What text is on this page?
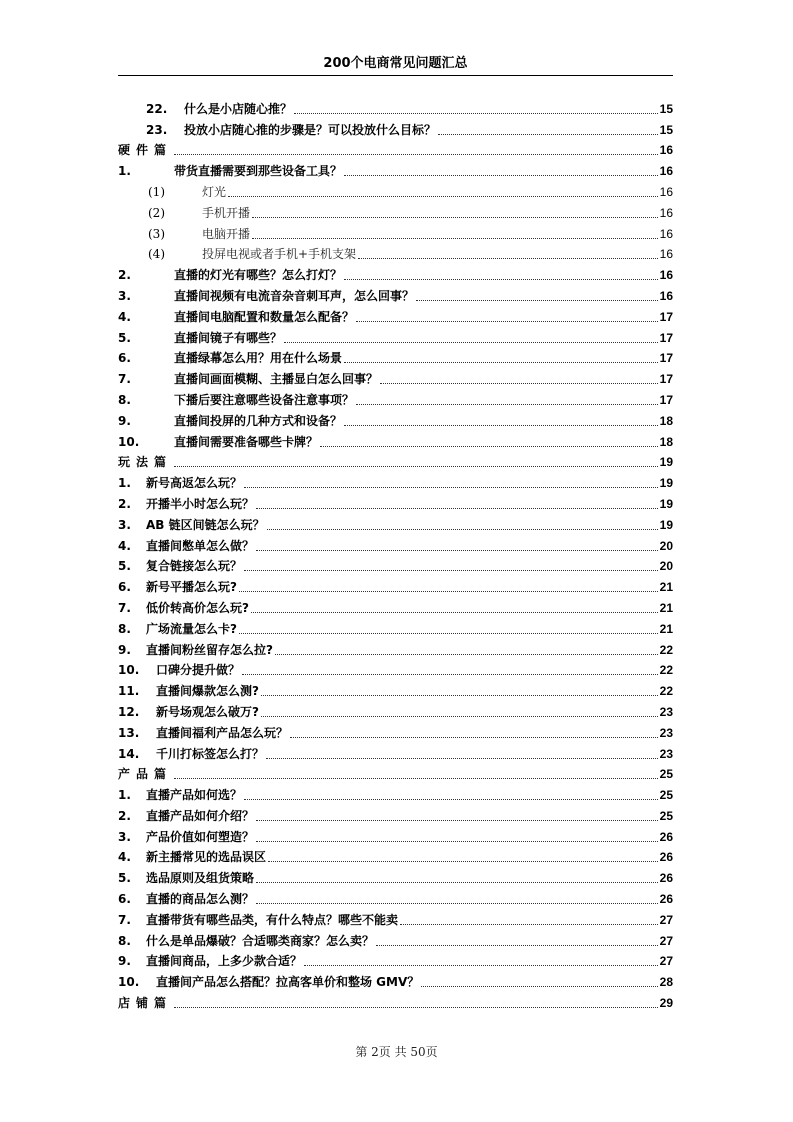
200个电商常见问题汇总
22.	什么是小店随心推？	15
23.	投放小店随心推的步骤是？可以投放什么目标？	15
硬件篇	16
1.	带货直播需要到那些设备工具？	16
(1)	灯光	16
(2)	手机开播	16
(3)	电脑开播	16
(4)	投屏电视或者手机+手机支架	16
2.	直播的灯光有哪些？怎么打灯？	16
3.	直播间视频有电流音杂音刺耳声，怎么回事？	16
4.	直播间电脑配置和数量怎么配备？	17
5.	直播间镜子有哪些？	17
6.	直播绿幕怎么用？用在什么场景	17
7.	直播间画面模糊、主播显白怎么回事？	17
8.	下播后要注意哪些设备注意事项？	17
9.	直播间投屏的几种方式和设备？	18
10.	直播间需要准备哪些卡牌？	18
玩法篇	19
1.	新号高返怎么玩？	19
2.	开播半小时怎么玩？	19
3.	AB 链区间链怎么玩？	19
4.	直播间憋单怎么做？	20
5.	复合链接怎么玩？	20
6.	新号平播怎么玩?	21
7.	低价转高价怎么玩?	21
8.	广场流量怎么卡?	21
9.	直播间粉丝留存怎么拉?	22
10.	口碑分提升做？	22
11.	直播间爆款怎么测?	22
12.	新号场观怎么破万?	23
13.	直播间福利产品怎么玩？	23
14.	千川打标签怎么打？	23
产品篇	25
1.	直播产品如何选？	25
2.	直播产品如何介绍？	25
3.	产品价值如何塑造？	26
4.	新主播常见的选品误区	26
5.	选品原则及组货策略	26
6.	直播的商品怎么测？	26
7.	直播带货有哪些品类，有什么特点？哪些不能卖	27
8.	什么是单品爆破？合适哪类商家？怎么卖？	27
9.	直播间商品，上多少款合适？	27
10.	直播间产品怎么搭配？拉高客单价和整场 GMV？	28
店铺篇	29
第 2页 共 50页
